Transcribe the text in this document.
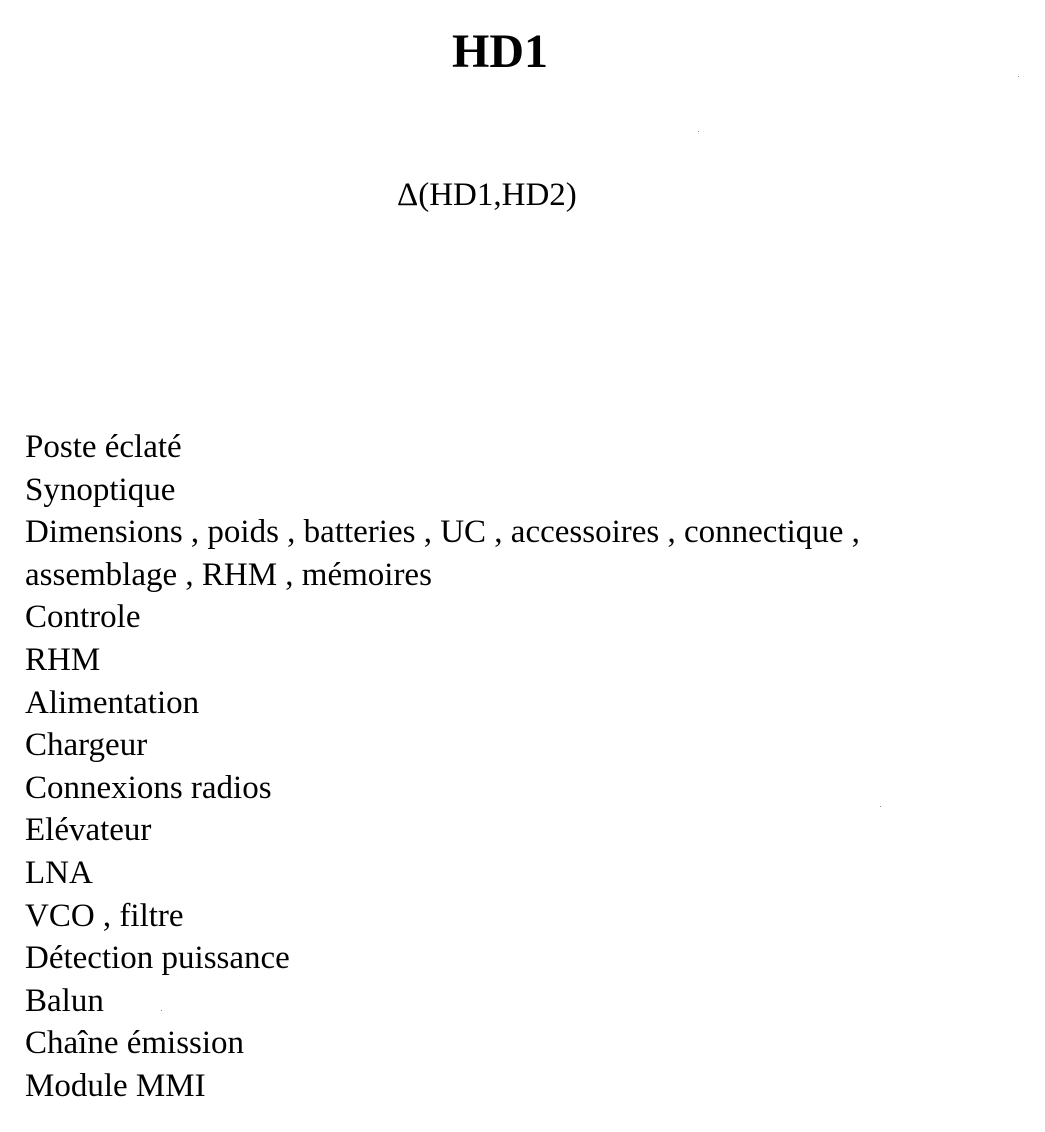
HD1
Δ(HD1,HD2)
Poste éclaté
Synoptique
Dimensions , poids , batteries , UC , accessoires , connectique ,
assemblage , RHM , mémoires
Controle
RHM
Alimentation
Chargeur
Connexions radios
Elévateur
LNA
VCO , filtre
Détection puissance
Balun
Chaîne émission
Module MMI
